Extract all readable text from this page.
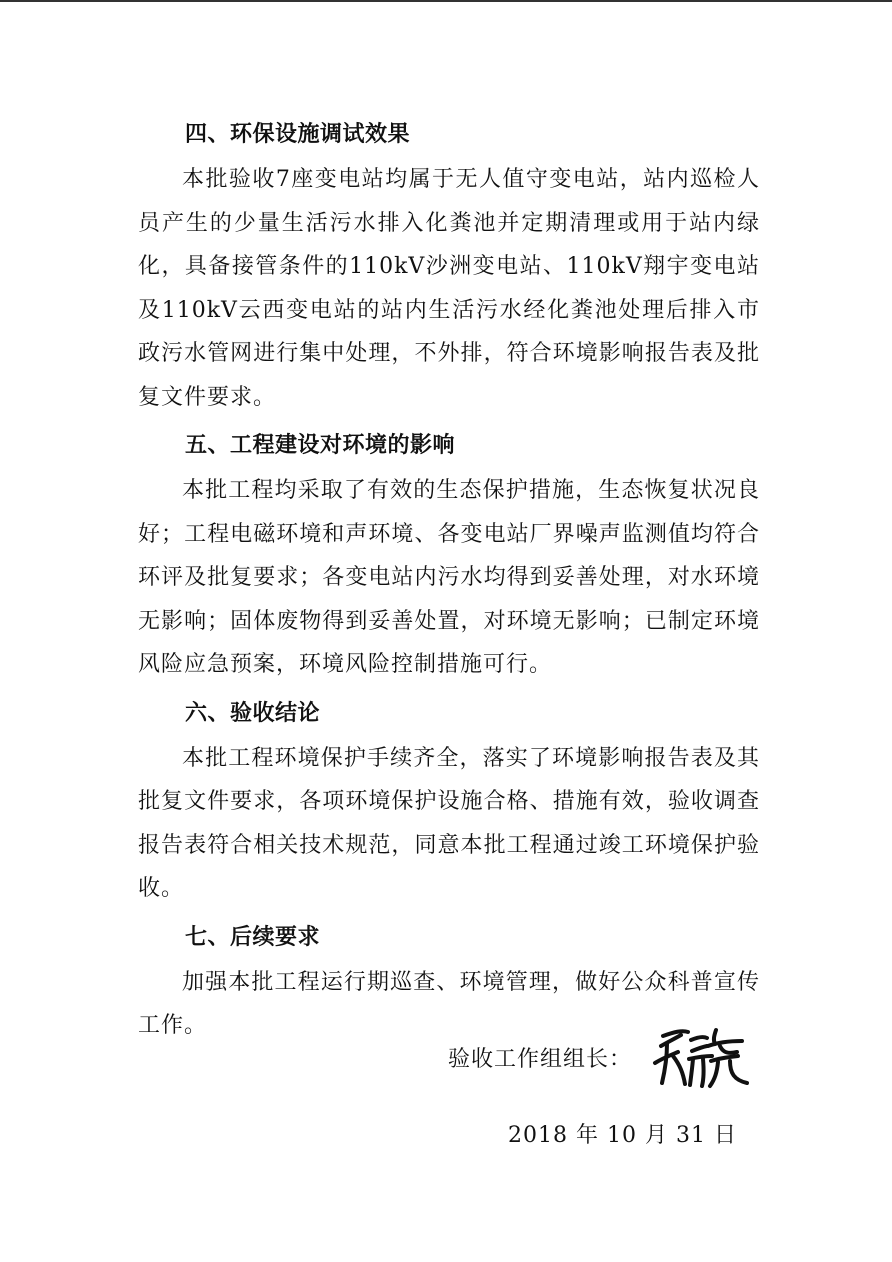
四、环保设施调试效果

本批验收7座变电站均属于无人值守变电站，站内巡检人员产生的少量生活污水排入化粪池并定期清理或用于站内绿化，具备接管条件的110kV沙洲变电站、110kV翔宇变电站及110kV云西变电站的站内生活污水经化粪池处理后排入市政污水管网进行集中处理，不外排，符合环境影响报告表及批复文件要求。

五、工程建设对环境的影响

本批工程均采取了有效的生态保护措施，生态恢复状况良好；工程电磁环境和声环境、各变电站厂界噪声监测值均符合环评及批复要求；各变电站内污水均得到妥善处理，对水环境无影响；固体废物得到妥善处置，对环境无影响；已制定环境风险应急预案，环境风险控制措施可行。

六、验收结论

本批工程环境保护手续齐全，落实了环境影响报告表及其批复文件要求，各项环境保护设施合格、措施有效，验收调查报告表符合相关技术规范，同意本批工程通过竣工环境保护验收。

七、后续要求

加强本批工程运行期巡查、环境管理，做好公众科普宣传工作。

验收工作组组长：
2018 年 10 月 31 日
